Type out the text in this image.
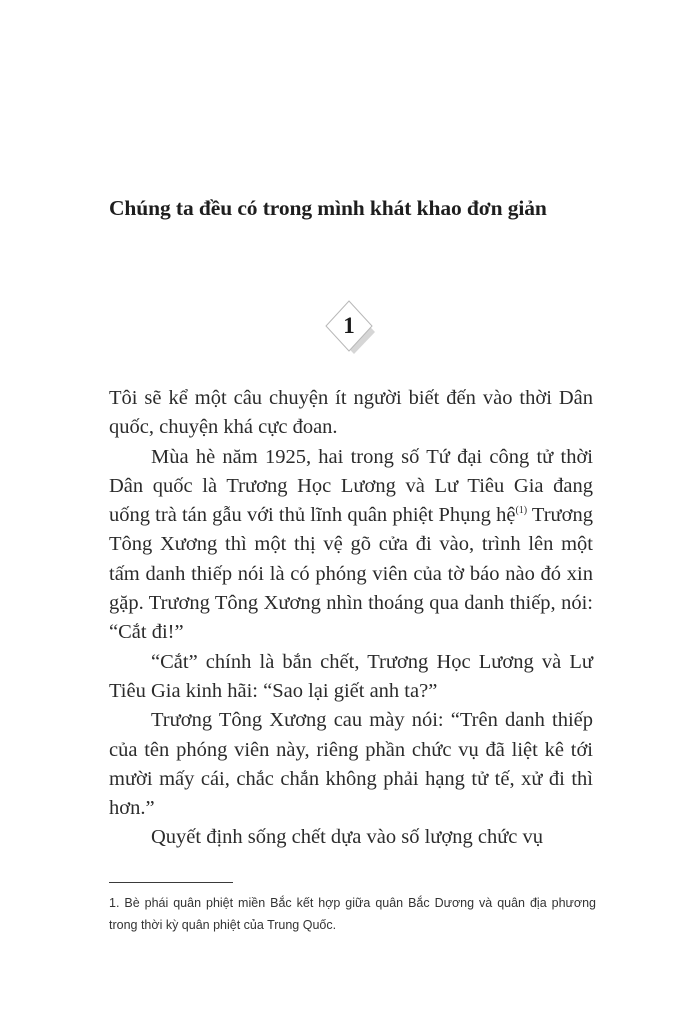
Chúng ta đều có trong mình khát khao đơn giản
1

Tôi sẽ kể một câu chuyện ít người biết đến vào thời Dân quốc, chuyện khá cực đoan.

Mùa hè năm 1925, hai trong số Tứ đại công tử thời Dân quốc là Trương Học Lương và Lư Tiêu Gia đang uống trà tán gẫu với thủ lĩnh quân phiệt Phụng hệ$^{(1)}$ Trương Tông Xương thì một thị vệ gõ cửa đi vào, trình lên một tấm danh thiếp nói là có phóng viên của tờ báo nào đó xin gặp. Trương Tông Xương nhìn thoáng qua danh thiếp, nói: “Cắt đi!”

“Cắt” chính là bắn chết, Trương Học Lương và Lư Tiêu Gia kinh hãi: “Sao lại giết anh ta?”

Trương Tông Xương cau mày nói: “Trên danh thiếp của tên phóng viên này, riêng phần chức vụ đã liệt kê tới mười mấy cái, chắc chắn không phải hạng tử tế, xử đi thì hơn.”

Quyết định sống chết dựa vào số lượng chức vụ

1. Bè phái quân phiệt miền Bắc kết hợp giữa quân Bắc Dương và quân địa phương trong thời kỳ quân phiệt của Trung Quốc.
